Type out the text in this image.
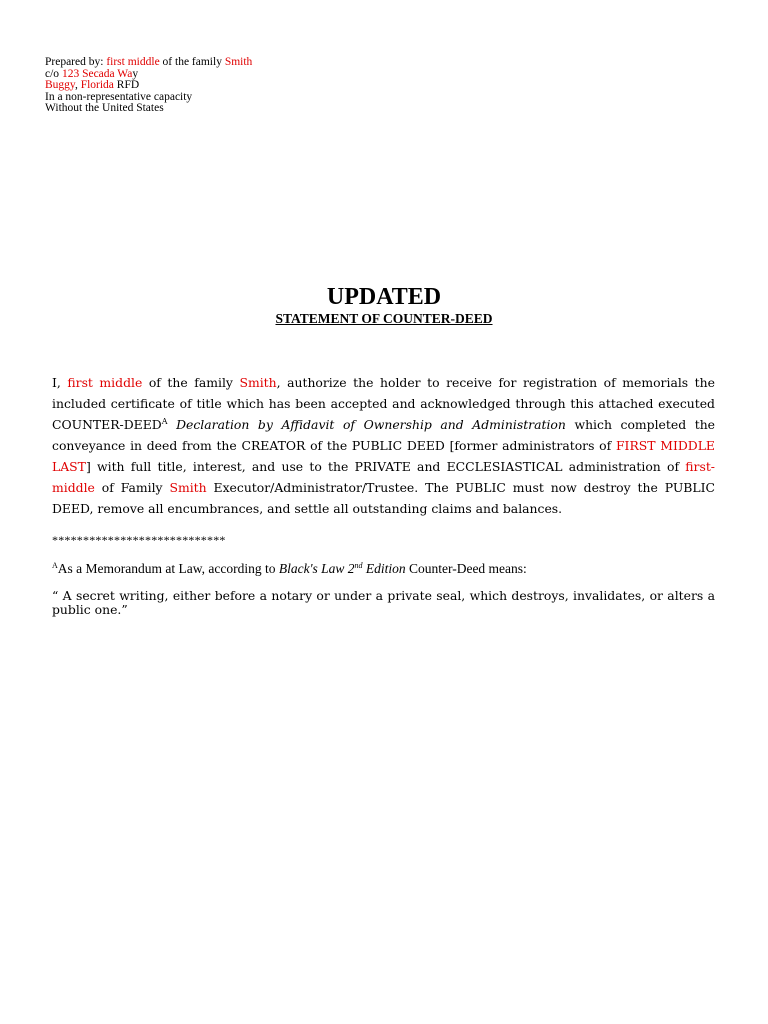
Prepared by: first middle of the family Smith
c/o 123 Secada Way
Buggy, Florida RFD
In a non-representative capacity
Without the United States
UPDATED
STATEMENT OF COUNTER-DEED
I, first middle of the family Smith, authorize the holder to receive for registration of memorials the included certificate of title which has been accepted and acknowledged through this attached executed COUNTER-$DEED^A$ Declaration by Affidavit of Ownership and Administration which completed the conveyance in deed from the CREATOR of the PUBLIC DEED [former administrators of FIRST MIDDLE LAST] with full title, interest, and use to the PRIVATE and ECCLESIASTICAL administration of first-middle of Family Smith Executor/Administrator/Trustee. The PUBLIC must now destroy the PUBLIC DEED, remove all encumbrances, and settle all outstanding claims and balances.
****************************
$^A$As a Memorandum at Law, according to Black's Law 2nd Edition Counter-Deed means:
“ A secret writing, either before a notary or under a private seal, which destroys, invalidates, or alters a public one.”
